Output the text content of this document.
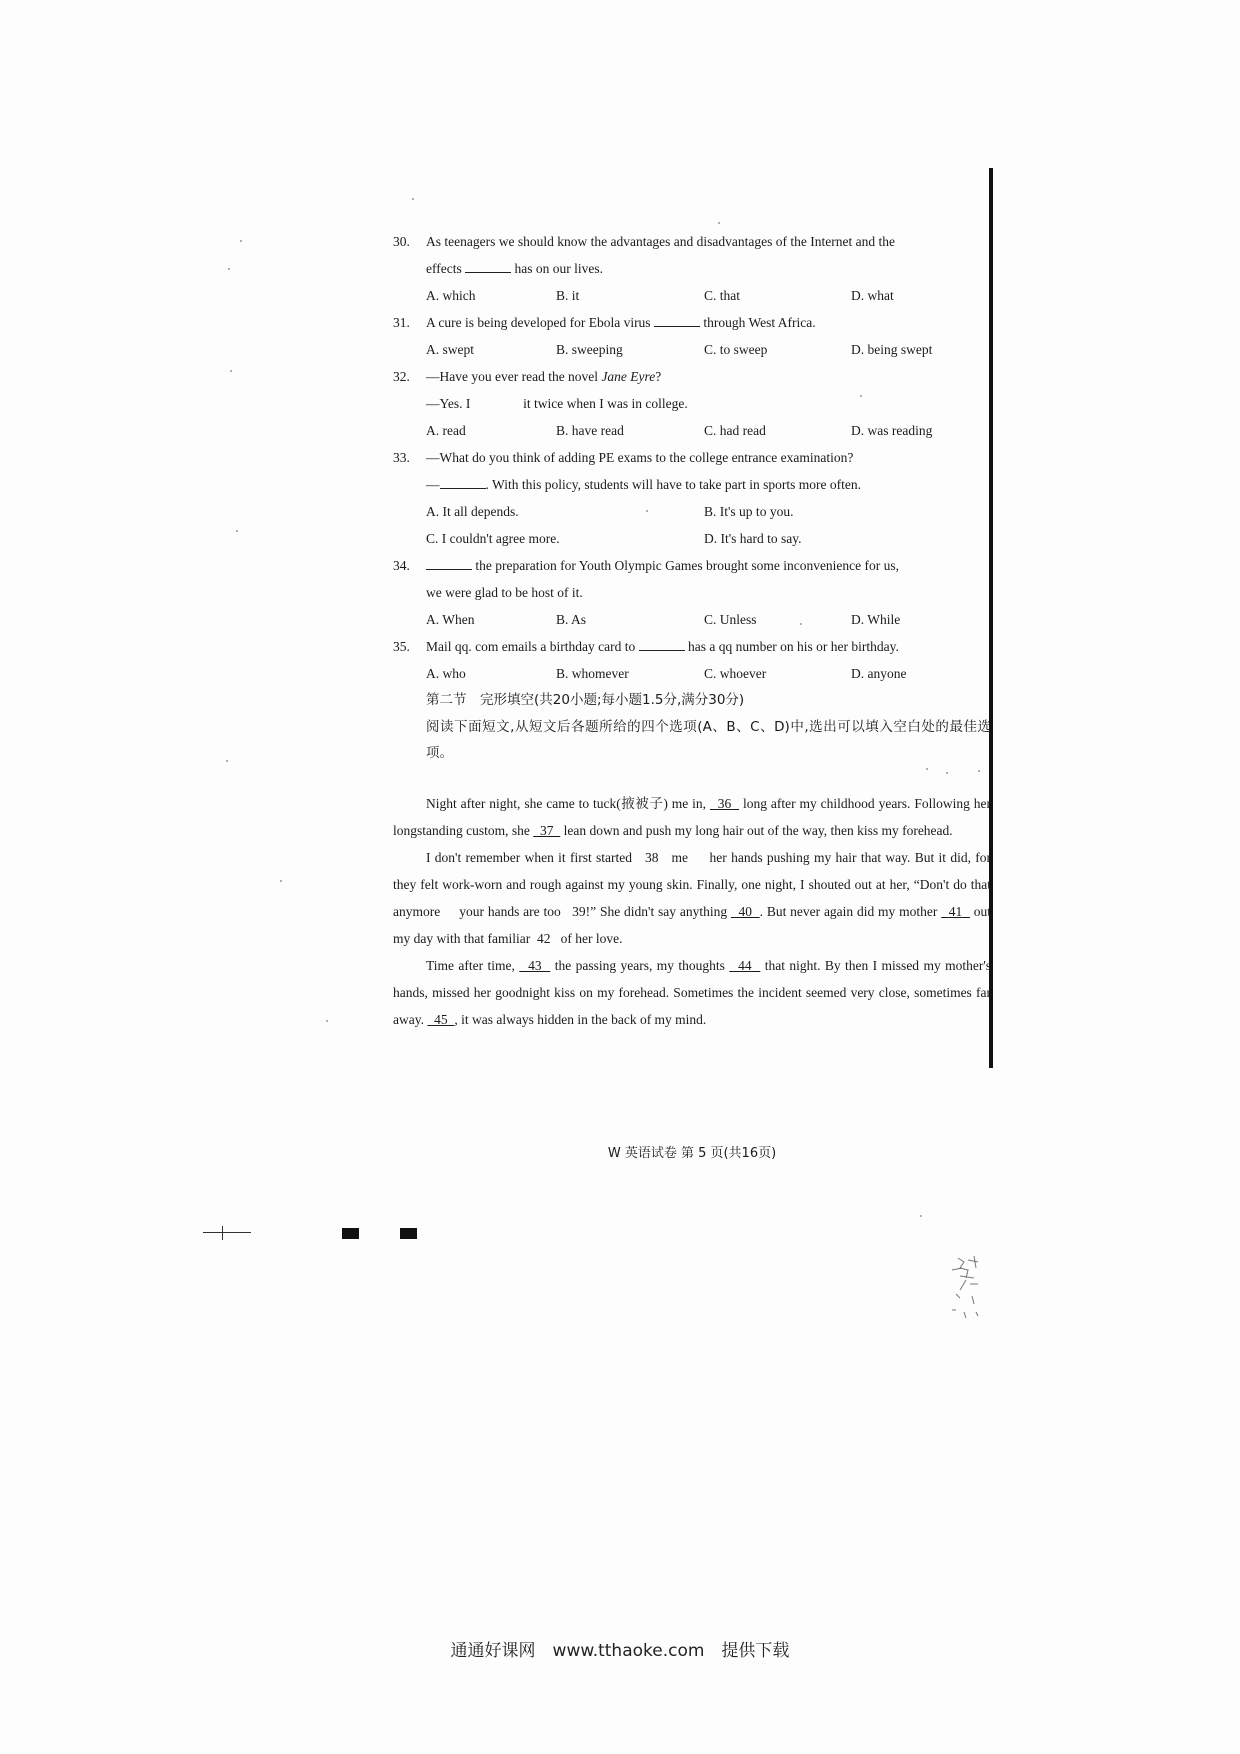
30. As teenagers we should know the advantages and disadvantages of the Internet and the
effects	has on our lives.
A. which	B. it	C. that	D. what
31. A cure is being developed for Ebola virus	through West Africa.
A. swept	B. sweeping	C. to sweep	D. being swept
32. —Have you ever read the novel Jane Eyre?
—Yes. I	it twice when I was in college.
A. read	B. have read	C. had read	D. was reading
33. —What do you think of adding PE exams to the college entrance examination?
—	. With this policy, students will have to take part in sports more often.
A. It all depends.	B. It's up to you.
C. I couldn't agree more.	D. It's hard to say.
34.	the preparation for Youth Olympic Games brought some inconvenience for us,
we were glad to be host of it.
A. When	B. As	C. Unless	D. While
35. Mail qq. com emails a birthday card to	has a qq number on his or her birthday.
A. who	B. whomever	C. whoever	D. anyone
第二节　完形填空(共20小题;每小题1.5分,满分30分)
阅读下面短文,从短文后各题所给的四个选项(A、B、C、D)中,选出可以填入空白处的最佳选项。

Night after night, she came to tuck(掖被子) me in,   36   long after my childhood years. Following her longstanding custom, she   37   lean down and push my long hair out of the way, then kiss my forehead.

I don't remember when it first started   38   me     her hands pushing my hair that way. But it did, for they felt work-worn and rough against my young skin. Finally, one night, I shouted out at her, “Don't do that anymore     your hands are too   39!” She didn't say anything   40 . But never again did my mother   41   out my day with that familiar  42   of her love.

Time after time,   43   the passing years, my thoughts   44   that night. By then I missed my mother's hands, missed her goodnight kiss on my forehead. Sometimes the incident seemed very close, sometimes far away.   45 , it was always hidden in the back of my mind.

W 英语试卷 第 5 页(共16页)
通通好课网　www.tthaoke.com　提供下载
